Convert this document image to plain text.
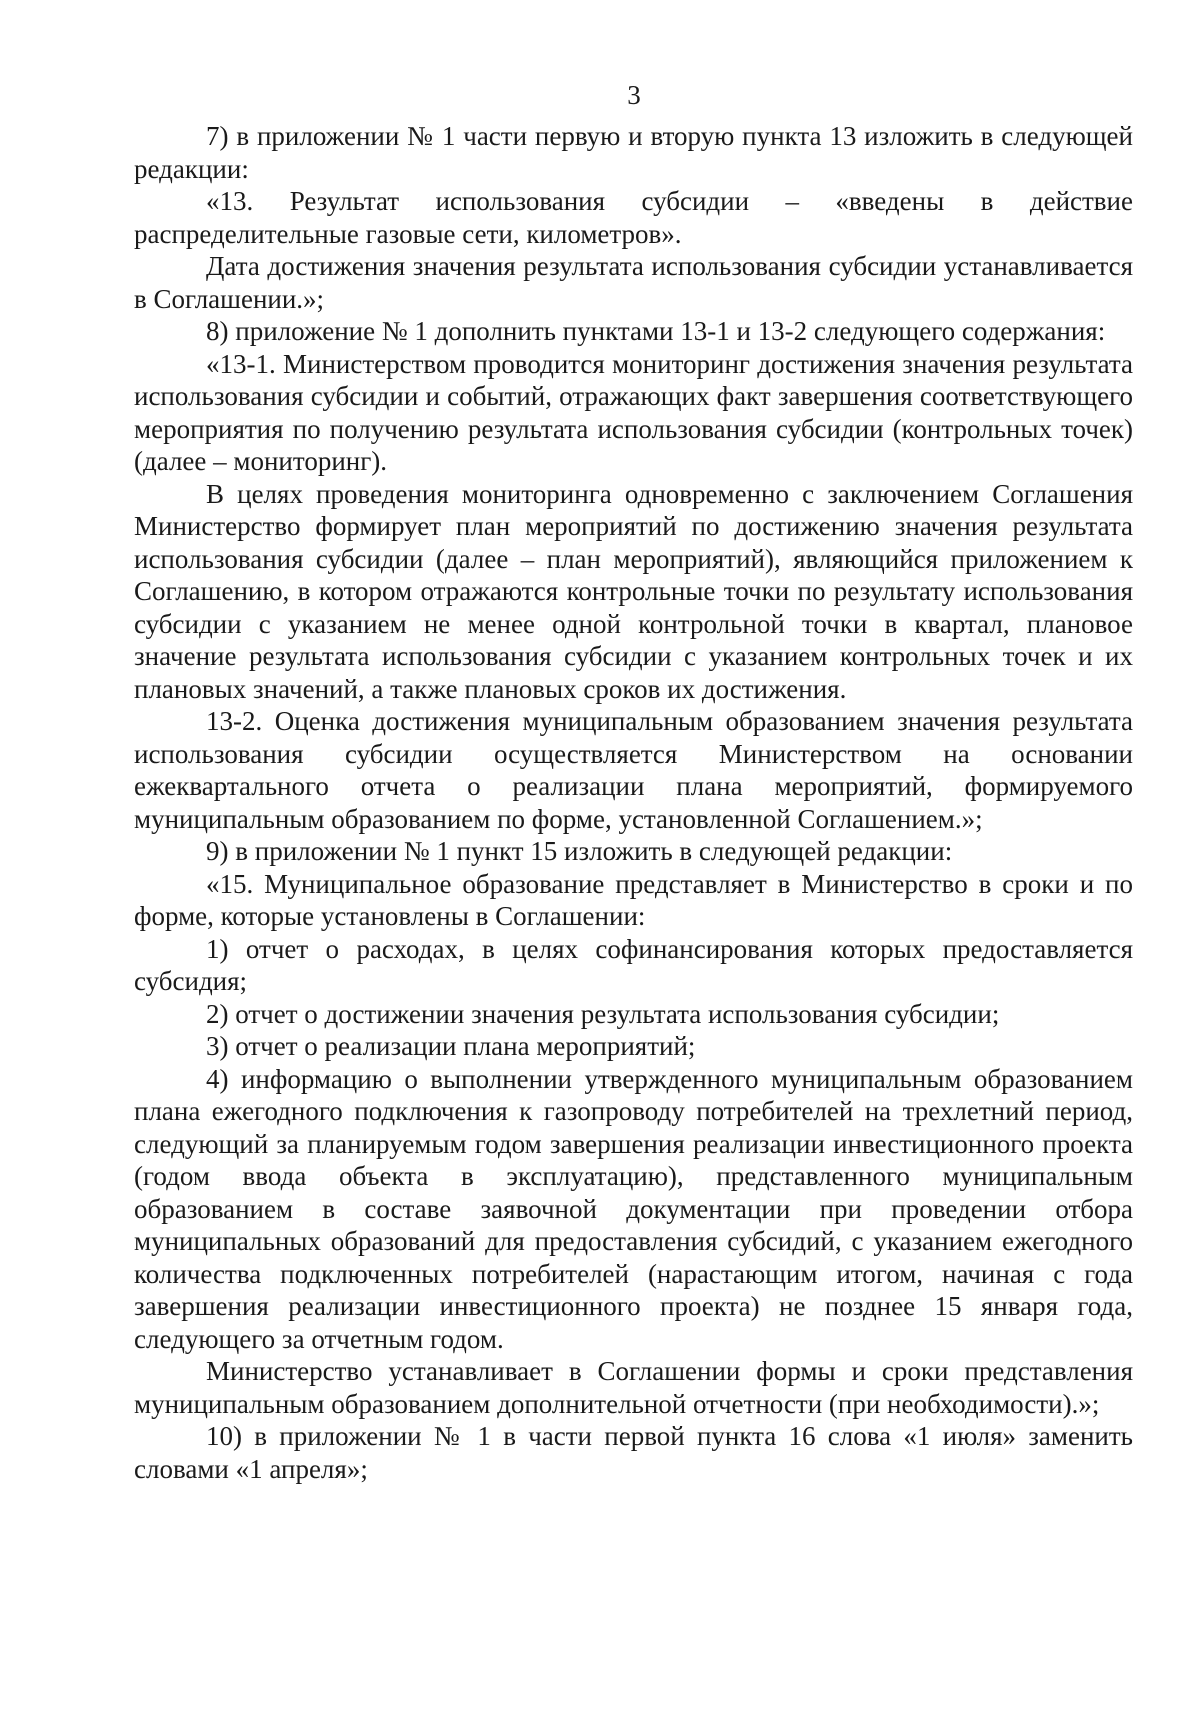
3

7) в приложении № 1 части первую и вторую пункта 13 изложить в следующей редакции:

«13. Результат использования субсидии – «введены в действие распределительные газовые сети, километров».

Дата достижения значения результата использования субсидии устанавливается в Соглашении.»;

8) приложение № 1 дополнить пунктами 13-1 и 13-2 следующего содержания:

«13-1. Министерством проводится мониторинг достижения значения результата использования субсидии и событий, отражающих факт завершения соответствующего мероприятия по получению результата использования субсидии (контрольных точек) (далее – мониторинг).

В целях проведения мониторинга одновременно с заключением Соглашения Министерство формирует план мероприятий по достижению значения результата использования субсидии (далее – план мероприятий), являющийся приложением к Соглашению, в котором отражаются контрольные точки по результату использования субсидии с указанием не менее одной контрольной точки в квартал, плановое значение результата использования субсидии с указанием контрольных точек и их плановых значений, а также плановых сроков их достижения.

13-2. Оценка достижения муниципальным образованием значения результата использования субсидии осуществляется Министерством на основании ежеквартального отчета о реализации плана мероприятий, формируемого муниципальным образованием по форме, установленной Соглашением.»;

9) в приложении № 1 пункт 15 изложить в следующей редакции:

«15. Муниципальное образование представляет в Министерство в сроки и по форме, которые установлены в Соглашении:

1) отчет о расходах, в целях софинансирования которых предоставляется субсидия;

2) отчет о достижении значения результата использования субсидии;

3) отчет о реализации плана мероприятий;

4) информацию о выполнении утвержденного муниципальным образованием плана ежегодного подключения к газопроводу потребителей на трехлетний период, следующий за планируемым годом завершения реализации инвестиционного проекта (годом ввода объекта в эксплуатацию), представленного муниципальным образованием в составе заявочной документации при проведении отбора муниципальных образований для предоставления субсидий, с указанием ежегодного количества подключенных потребителей (нарастающим итогом, начиная с года завершения реализации инвестиционного проекта) не позднее 15 января года, следующего за отчетным годом.

Министерство устанавливает в Соглашении формы и сроки представления муниципальным образованием дополнительной отчетности (при необходимости).»;

10) в приложении № 1 в части первой пункта 16 слова «1 июля» заменить словами «1 апреля»;
